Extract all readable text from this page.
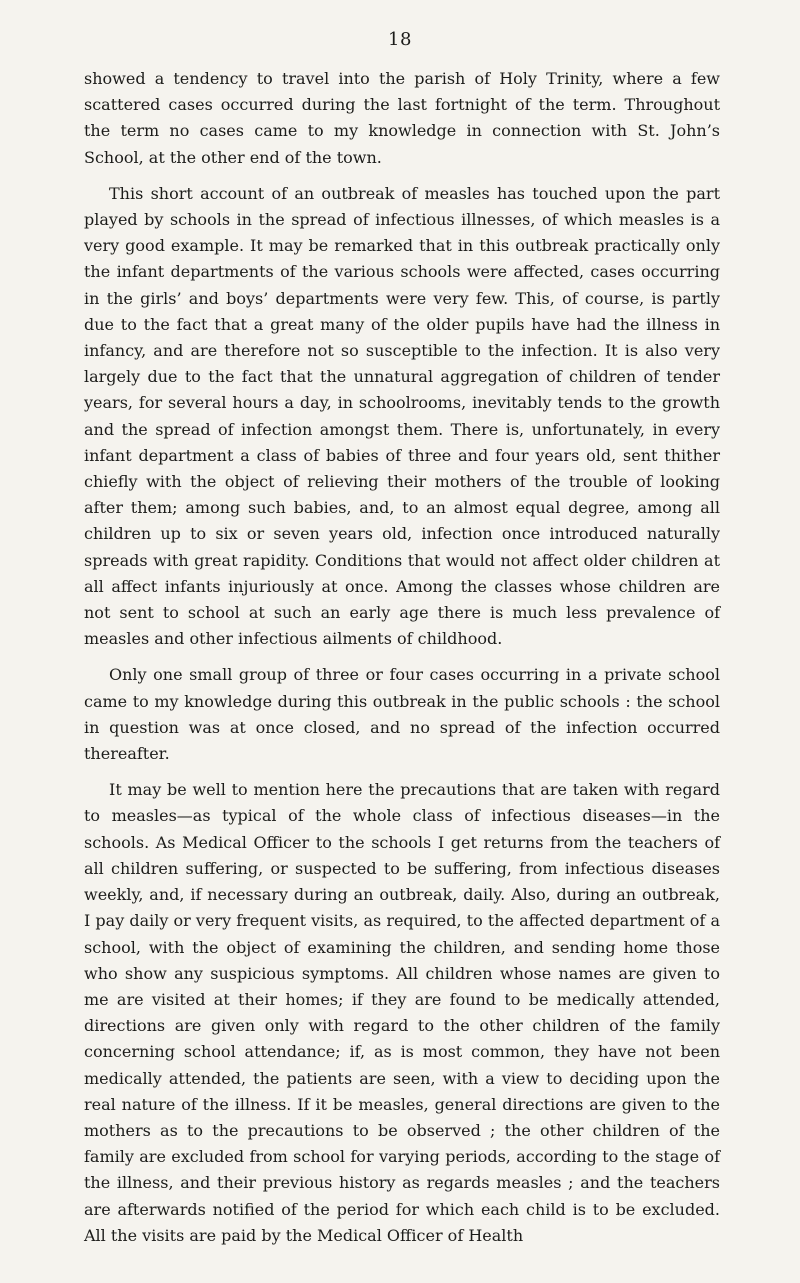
18

showed a tendency to travel into the parish of Holy Trinity, where a few scattered cases occurred during the last fortnight of the term. Throughout the term no cases came to my knowledge in connection with St. John’s School, at the other end of the town.

This short account of an outbreak of measles has touched upon the part played by schools in the spread of infectious illnesses, of which measles is a very good example. It may be remarked that in this outbreak practically only the infant departments of the various schools were affected, cases occurring in the girls’ and boys’ departments were very few. This, of course, is partly due to the fact that a great many of the older pupils have had the illness in infancy, and are therefore not so susceptible to the infection. It is also very largely due to the fact that the unnatural aggregation of children of tender years, for several hours a day, in schoolrooms, inevitably tends to the growth and the spread of infection amongst them. There is, unfortunately, in every infant department a class of babies of three and four years old, sent thither chiefly with the object of relieving their mothers of the trouble of looking after them; among such babies, and, to an almost equal degree, among all children up to six or seven years old, infection once introduced naturally spreads with great rapidity. Conditions that would not affect older children at all affect infants injuriously at once. Among the classes whose children are not sent to school at such an early age there is much less prevalence of measles and other infectious ailments of childhood.

Only one small group of three or four cases occurring in a private school came to my knowledge during this outbreak in the public schools : the school in question was at once closed, and no spread of the infection occurred thereafter.

It may be well to mention here the precautions that are taken with regard to measles—as typical of the whole class of infectious diseases—in the schools. As Medical Officer to the schools I get returns from the teachers of all children suffering, or suspected to be suffering, from infectious diseases weekly, and, if necessary during an outbreak, daily. Also, during an outbreak, I pay daily or very frequent visits, as required, to the affected department of a school, with the object of examining the children, and sending home those who show any suspicious symptoms. All children whose names are given to me are visited at their homes; if they are found to be medically attended, directions are given only with regard to the other children of the family concerning school attendance; if, as is most common, they have not been medically attended, the patients are seen, with a view to deciding upon the real nature of the illness. If it be measles, general directions are given to the mothers as to the precautions to be observed ; the other children of the family are excluded from school for varying periods, according to the stage of the illness, and their previous history as regards measles ; and the teachers are afterwards notified of the period for which each child is to be excluded. All the visits are paid by the Medical Officer of Health
